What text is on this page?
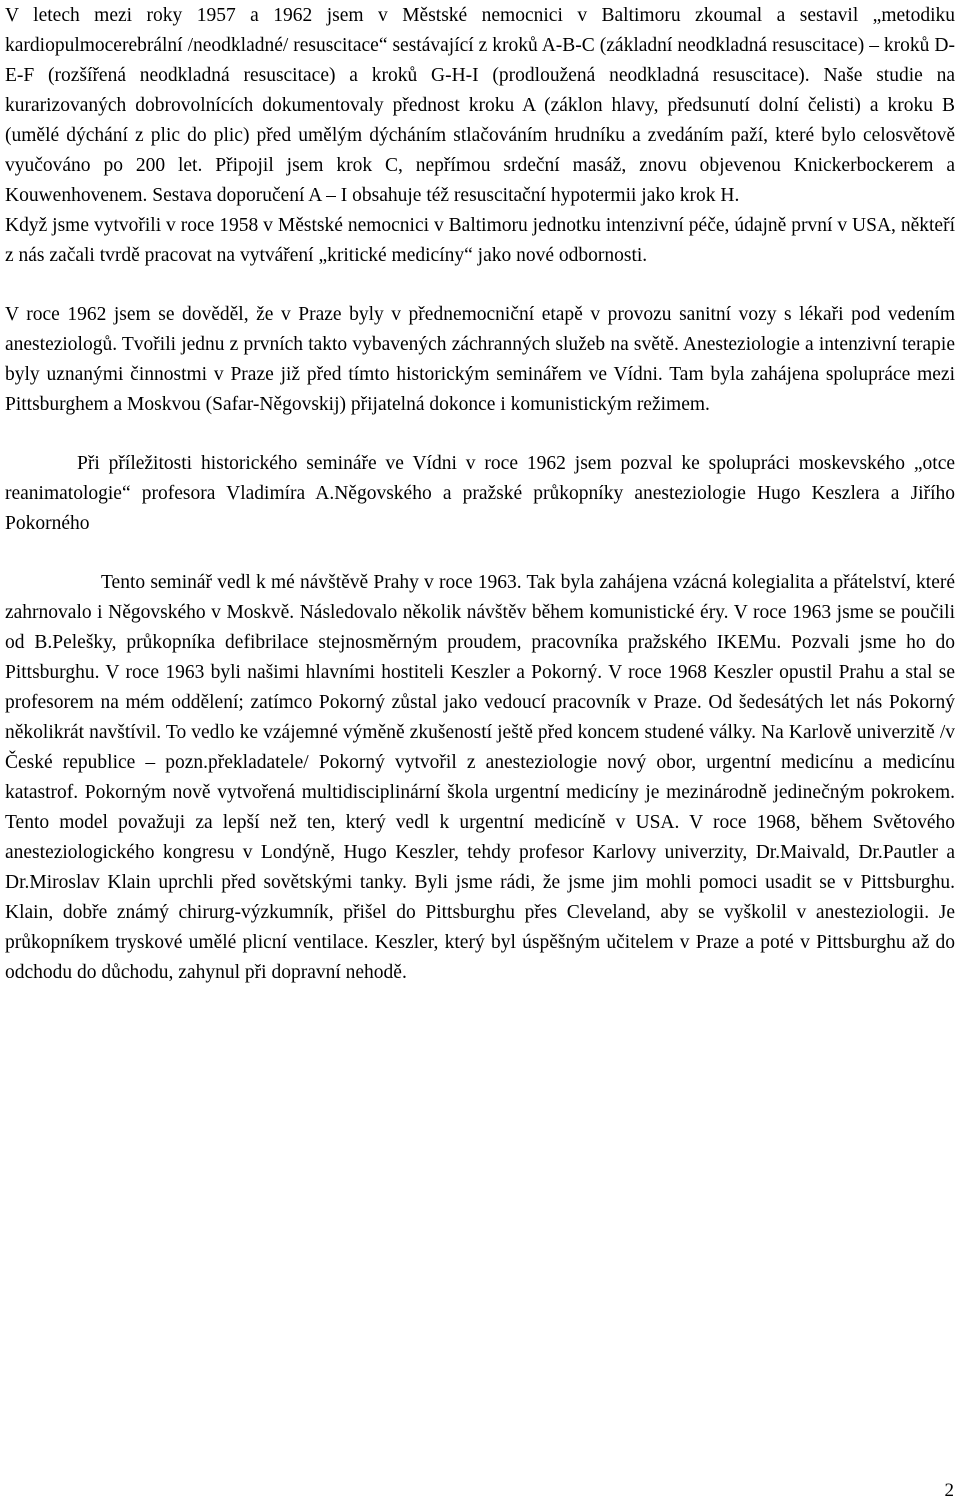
V letech mezi roky 1957 a 1962 jsem v Městské nemocnici v Baltimoru zkoumal a sestavil „metodiku kardiopulmocerebrální /neodkladné/ resuscitace“ sestávající z kroků A-B-C (základní neodkladná resuscitace) – kroků D-E-F (rozšířená neodkladná resuscitace) a kroků G-H-I (prodloužená neodkladná resuscitace). Naše studie na kurarizovaných dobrovolnících dokumentovaly přednost kroku A (záklon hlavy, předsunutí dolní čelisti) a kroku B (umělé dýchání z plic do plic) před umělým dýcháním stlačováním hrudníku a zvedáním paží, které bylo celosvětově vyučováno po 200 let. Připojil jsem krok C, nepřímou srdeční masáž, znovu objevenou Knickerbockerem a Kouwenhovenem. Sestava doporučení A – I obsahuje též resuscitační hypotermii jako krok H.

Když jsme vytvořili v roce 1958 v Městské nemocnici v Baltimoru jednotku intenzivní péče, údajně první v USA, někteří z nás začali tvrdě pracovat na vytváření „kritické medicíny“ jako nové odbornosti.

V roce 1962 jsem se dověděl, že v Praze byly v přednemocniční etapě v provozu sanitní vozy s lékaři pod vedením anesteziologů. Tvořili jednu z prvních takto vybavených záchranných služeb na světě. Anesteziologie a intenzivní terapie byly uznanými činnostmi v Praze již před tímto historickým seminářem ve Vídni. Tam byla zahájena spolupráce mezi Pittsburghem a Moskvou (Safar-Něgovskij) přijatelná dokonce i komunistickým režimem.

Při příležitosti historického semináře ve Vídni v roce 1962 jsem pozval ke spolupráci moskevského „otce reanimatologie“ profesora Vladimíra A.Něgovského a pražské průkopníky anesteziologie Hugo Keszlera a Jiřího Pokorného

Tento seminář vedl k mé návštěvě Prahy v roce 1963. Tak byla zahájena vzácná kolegialita a přátelství, které zahrnovalo i Něgovského v Moskvě. Následovalo několik návštěv během komunistické éry. V roce 1963 jsme se poučili od B.Pelešky, průkopníka defibrilace stejnosměrným proudem, pracovníka pražského IKEMu. Pozvali jsme ho do Pittsburghu. V roce 1963 byli našimi hlavními hostiteli Keszler a Pokorný. V roce 1968 Keszler opustil Prahu a stal se profesorem na mém oddělení; zatímco Pokorný zůstal jako vedoucí pracovník v Praze. Od šedesátých let nás Pokorný několikrát navštívil. To vedlo ke vzájemné výměně zkušeností ještě před koncem studené války. Na Karlově univerzitě /v České republice – pozn.překladatele/ Pokorný vytvořil z anesteziologie nový obor, urgentní medicínu a medicínu katastrof. Pokorným nově vytvořená multidisciplinární škola urgentní medicíny je mezinárodně jedinečným pokrokem. Tento model považuji za lepší než ten, který vedl k urgentní medicíně v USA. V roce 1968, během Světového anesteziologického kongresu v Londýně, Hugo Keszler, tehdy profesor Karlovy univerzity, Dr.Maivald, Dr.Pautler a Dr.Miroslav Klain uprchli před sovětskými tanky. Byli jsme rádi, že jsme jim mohli pomoci usadit se v Pittsburghu. Klain, dobře známý chirurg-výzkumník, přišel do Pittsburghu přes Cleveland, aby se vyškolil v anesteziologii. Je průkopníkem tryskové umělé plicní ventilace. Keszler, který byl úspěšným učitelem v Praze a poté v Pittsburghu až do odchodu do důchodu, zahynul při dopravní nehodě.

2
